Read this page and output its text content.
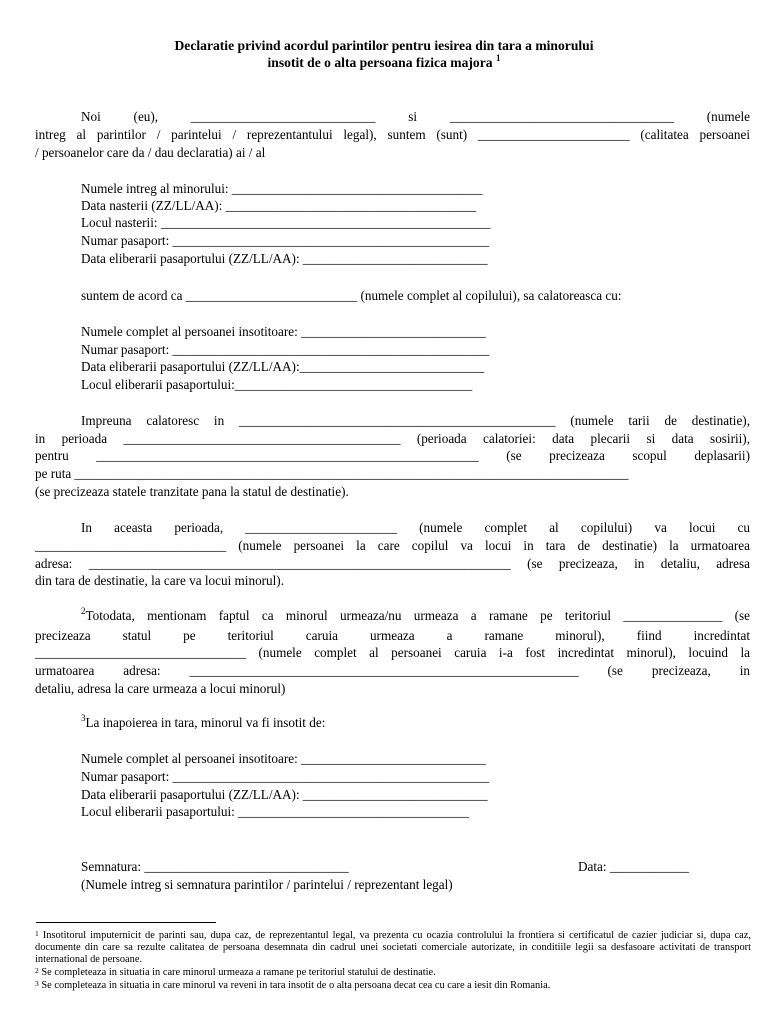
Declaratie privind acordul parintilor pentru iesirea din tara a minorului
insotit de o alta persoana fizica majora $^1$
Noi (eu), ____________________________ si __________________________________ (numele
intreg al parintilor / parintelui / reprezentantului legal), suntem (sunt) _______________________ (calitatea persoanei
/ persoanelor care da / dau declaratia) ai / al
Numele intreg al minorului: ______________________________________
Data nasterii (ZZ/LL/AA): ______________________________________
Locul nasterii: __________________________________________________
Numar pasaport: ________________________________________________
Data eliberarii pasaportului (ZZ/LL/AA): ____________________________
suntem de acord ca __________________________ (numele complet al copilului), sa calatoreasca cu:
Numele complet al persoanei insotitoare: ____________________________
Numar pasaport: ________________________________________________
Data eliberarii pasaportului (ZZ/LL/AA):____________________________
Locul eliberarii pasaportului:____________________________________
Impreuna calatoresc in ________________________________________________ (numele tarii de destinatie),
in perioada __________________________________________ (perioada calatoriei: data plecarii si data sosirii),
pentru __________________________________________________________ (se precizeaza scopul deplasarii)
pe ruta ____________________________________________________________________________________
(se precizeaza statele tranzitate pana la statul de destinatie).
In aceasta perioada, _______________________ (numele complet al copilului) va locui cu
_____________________________ (numele persoanei la care copilul va locui in tara de destinatie) la urmatoarea
adresa: ________________________________________________________________ (se precizeaza, in detaliu, adresa
din tara de destinatie, la care va locui minorul).
$^2$Totodata, mentionam faptul ca minorul urmeaza/nu urmeaza a ramane pe teritoriul _______________ (se
precizeaza statul pe teritoriul caruia urmeaza a ramane minorul), fiind incredintat
________________________________ (numele complet al persoanei caruia i-a fost incredintat minorul), locuind la
urmatoarea adresa: ___________________________________________________________ (se precizeaza, in
detaliu, adresa la care urmeaza a locui minorul)
$^3$La inapoierea in tara, minorul va fi insotit de:
Numele complet al persoanei insotitoare: ____________________________
Numar pasaport: ________________________________________________
Data eliberarii pasaportului (ZZ/LL/AA): ____________________________
Locul eliberarii pasaportului: ___________________________________
Semnatura: _______________________________	Data: ____________
(Numele intreg si semnatura parintilor / parintelui / reprezentant legal)
$^1$ Insotitorul imputernicit de parinti sau, dupa caz, de reprezentantul legal, va prezenta cu ocazia controlului la frontiera si certificatul de cazier judiciar si, dupa caz, documente din care sa rezulte calitatea de persoana desemnata din cadrul unei societati comerciale autorizate, in conditiile legii sa desfasoare activitati de transport international de persoane.
$^2$ Se completeaza in situatia in care minorul urmeaza a ramane pe teritoriul statului de destinatie.
$^3$ Se completeaza in situatia in care minorul va reveni in tara insotit de o alta persoana decat cea cu care a iesit din Romania.
